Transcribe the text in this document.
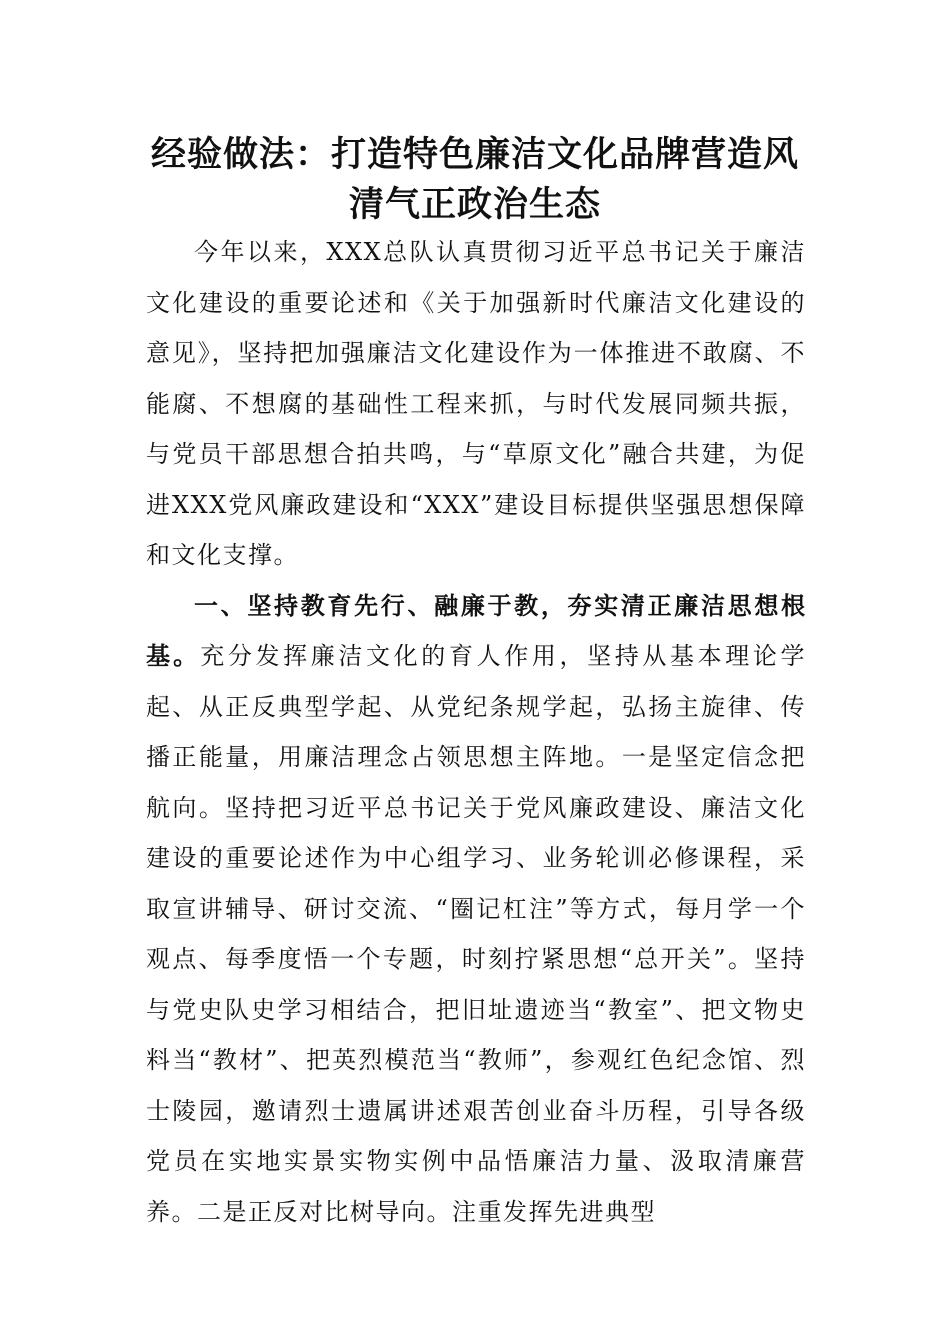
经验做法：打造特色廉洁文化品牌营造风
清气正政治生态

今年以来，XXX总队认真贯彻习近平总书记关于廉洁文化建设的重要论述和《关于加强新时代廉洁文化建设的意见》，坚持把加强廉洁文化建设作为一体推进不敢腐、不能腐、不想腐的基础性工程来抓，与时代发展同频共振，与党员干部思想合拍共鸣，与“草原文化”融合共建，为促进XXX党风廉政建设和“XXX”建设目标提供坚强思想保障和文化支撑。

一、坚持教育先行、融廉于教，夯实清正廉洁思想根基。充分发挥廉洁文化的育人作用，坚持从基本理论学起、从正反典型学起、从党纪条规学起，弘扬主旋律、传播正能量，用廉洁理念占领思想主阵地。一是坚定信念把航向。坚持把习近平总书记关于党风廉政建设、廉洁文化建设的重要论述作为中心组学习、业务轮训必修课程，采取宣讲辅导、研讨交流、“圈记杠注”等方式，每月学一个观点、每季度悟一个专题，时刻拧紧思想“总开关”。坚持与党史队史学习相结合，把旧址遗迹当“教室”、把文物史料当“教材”、把英烈模范当“教师”，参观红色纪念馆、烈士陵园，邀请烈士遗属讲述艰苦创业奋斗历程，引导各级党员在实地实景实物实例中品悟廉洁力量、汲取清廉营养。二是正反对比树导向。注重发挥先进典型
